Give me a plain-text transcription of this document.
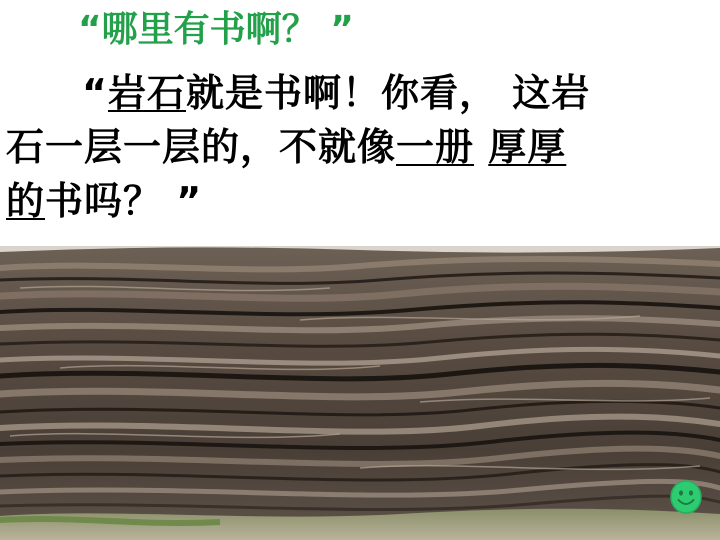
“哪里有书啊？ ”
“岩石就是书啊！你看， 这岩
石一层一层的，不就像一册 厚厚
的书吗？ ”
